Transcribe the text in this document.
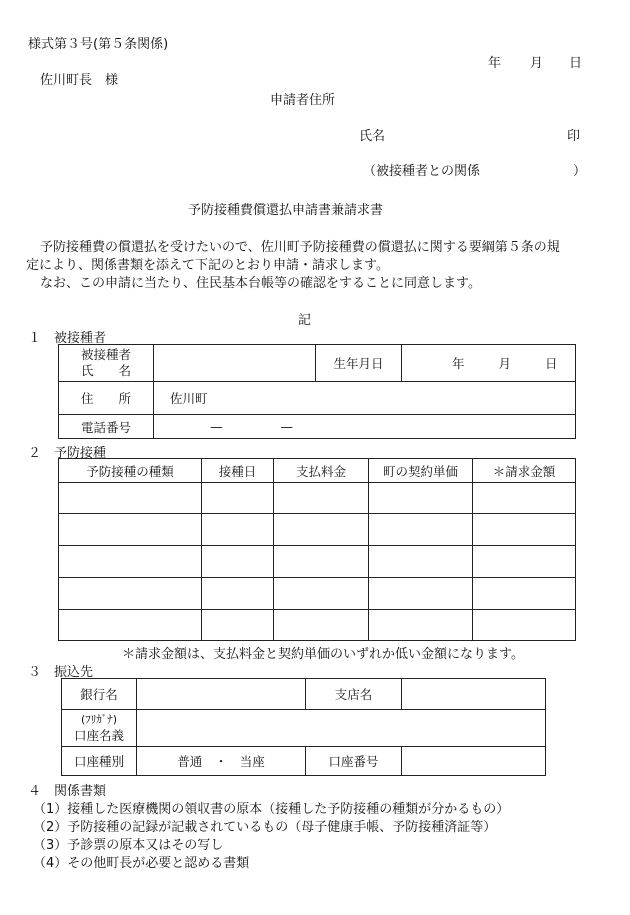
様式第３号(第５条関係)
年 月 日
佐川町長　様
申請者住所
氏名	印
（被接種者との関係	）
予防接種費償還払申請書兼請求書
予防接種費の償還払を受けたいので、佐川町予防接種費の償還払に関する要綱第５条の規
定により、関係書類を添えて下記のとおり申請・請求します。
なお、この申請に当たり、住民基本台帳等の確認をすることに同意します。
記
１　被接種者
被接種者
氏　　名		生年月日	年 月 日
住　　所	佐川町		
電話番号	— —		
２　予防接種
予防接種の種類	接種日	支払料金	町の契約単価	＊請求金額

＊請求金額は、支払料金と契約単価のいずれか低い金額になります。
３　振込先
銀行名		支店名	

(ﾌﾘｶﾞﾅ)
口座名義			

口座種別	普通　・　当座	口座番号	
４　関係書類
（1）接種した医療機関の領収書の原本（接種した予防接種の種類が分かるもの）
（2）予防接種の記録が記載されているもの（母子健康手帳、予防接種済証等）
（3）予診票の原本又はその写し
（4）その他町長が必要と認める書類
